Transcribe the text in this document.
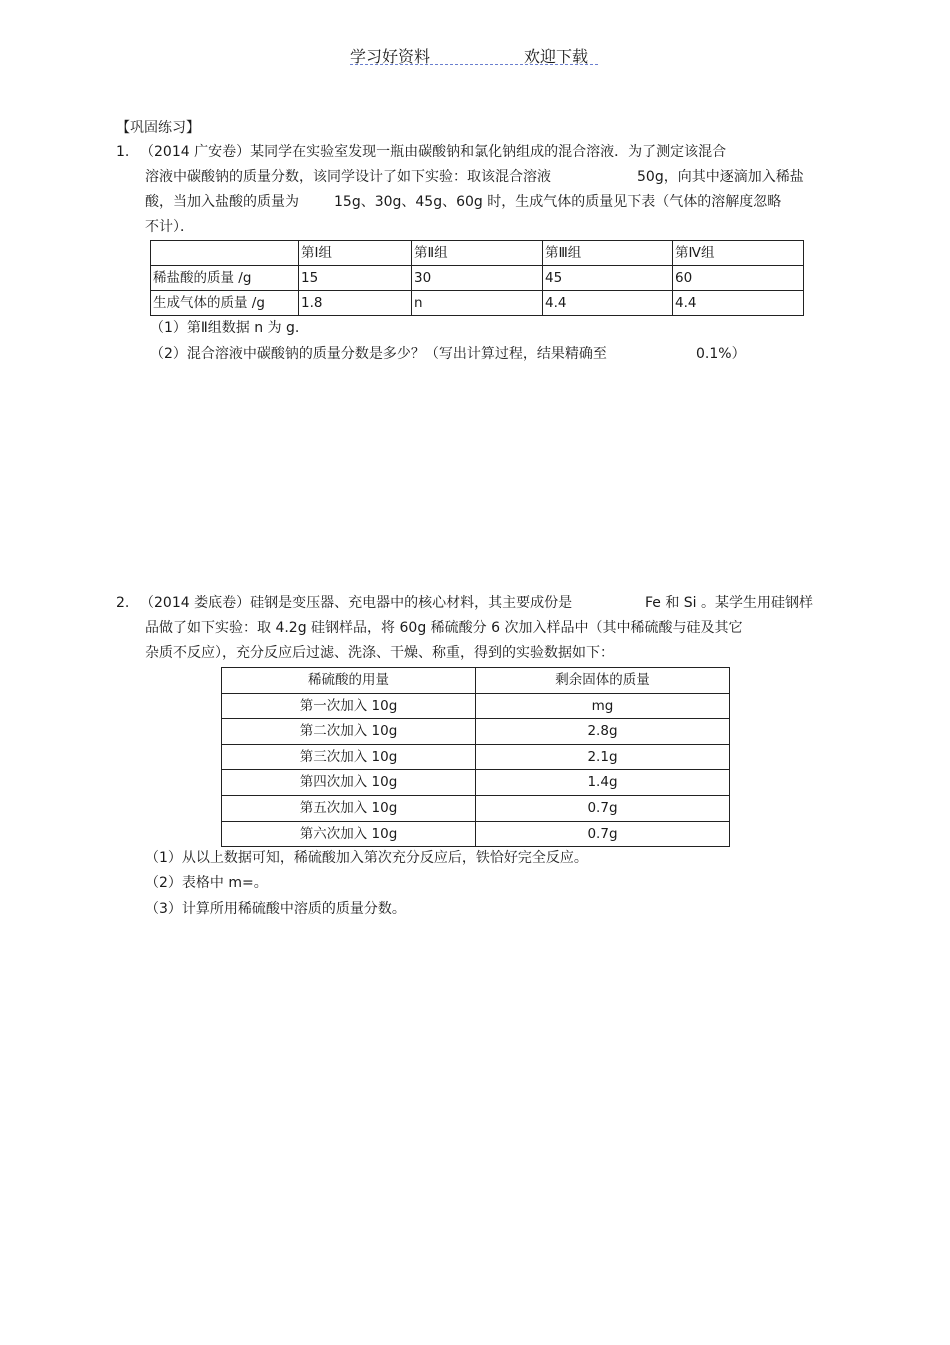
学习好资料	欢迎下载
【巩固练习】
1. （2014 广安卷）某同学在实验室发现一瓶由碳酸钠和氯化钠组成的混合溶液．为了测定该混合
溶液中碳酸钠的质量分数，该同学设计了如下实验：取该混合溶液	50g，向其中逐滴加入稀盐
酸，当加入盐酸的质量为	15g、30g、45g、60g 时，生成气体的质量见下表（气体的溶解度忽略
不计）．
	第Ⅰ组	第Ⅱ组	第Ⅲ组	第Ⅳ组
稀盐酸的质量 /g	15	30	45	60
生成气体的质量 /g	1.8	n	4.4	4.4
（1）第Ⅱ组数据 n 为 g.
（2）混合溶液中碳酸钠的质量分数是多少？（写出计算过程，结果精确至	0.1%）
2. （2014 娄底卷）硅钢是变压器、充电器中的核心材料，其主要成份是	Fe 和 Si 。某学生用硅钢样
品做了如下实验：取 4.2g 硅钢样品，将 60g 稀硫酸分 6 次加入样品中（其中稀硫酸与硅及其它
杂质不反应），充分反应后过滤、洗涤、干燥、称重，得到的实验数据如下：
稀硫酸的用量	剩余固体的质量
第一次加入 10g	mg
第二次加入 10g	2.8g
第三次加入 10g	2.1g
第四次加入 10g	1.4g
第五次加入 10g	0.7g
第六次加入 10g	0.7g
（1）从以上数据可知，稀硫酸加入第次充分反应后，铁恰好完全反应。
（2）表格中 m=。
（3）计算所用稀硫酸中溶质的质量分数。
